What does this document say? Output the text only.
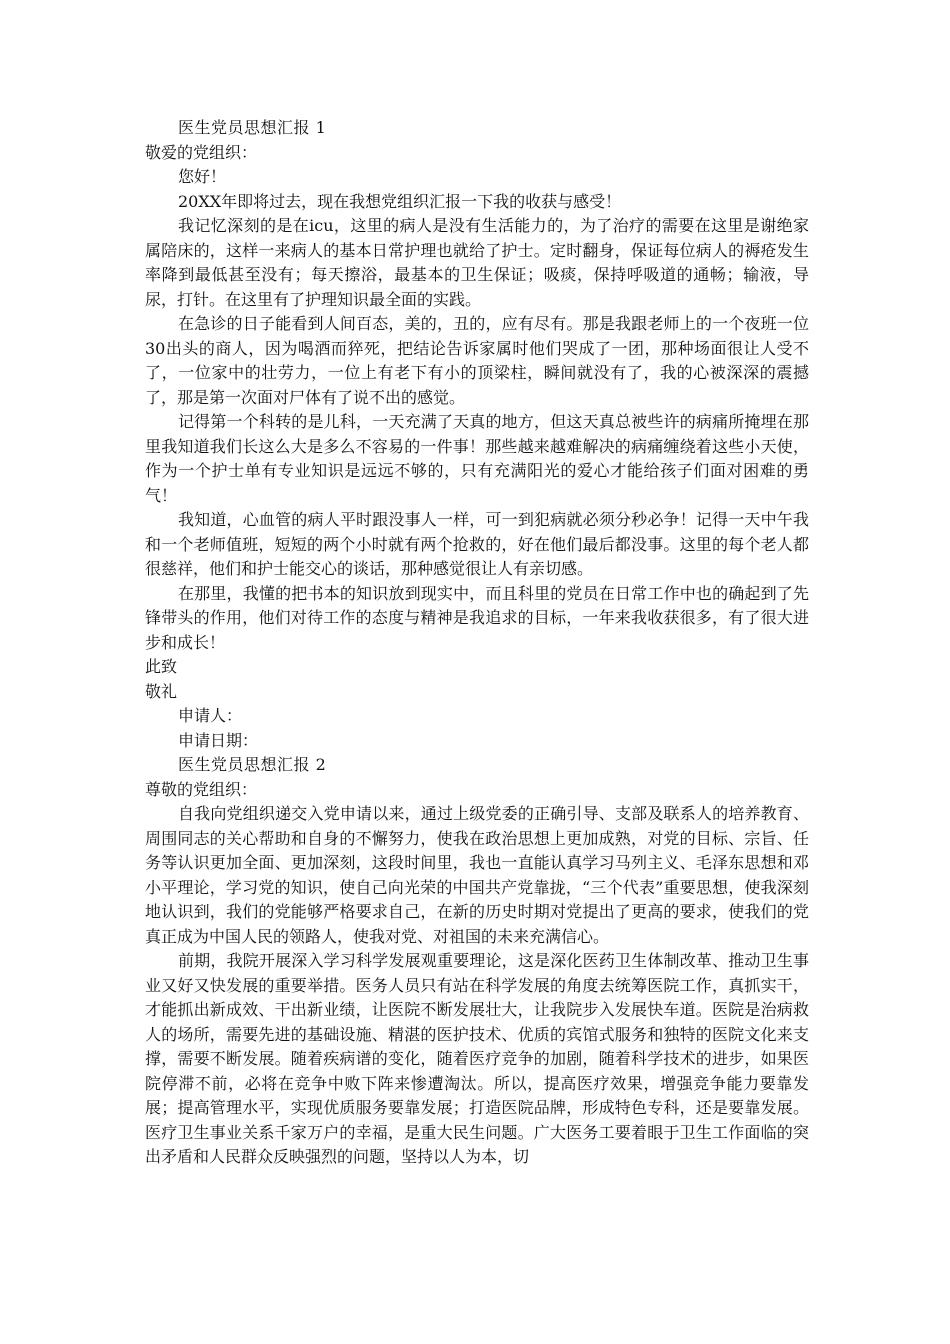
医生党员思想汇报 1

敬爱的党组织：

您好！

20XX年即将过去，现在我想党组织汇报一下我的收获与感受！

我记忆深刻的是在icu，这里的病人是没有生活能力的，为了治疗的需要在这里是谢绝家属陪床的，这样一来病人的基本日常护理也就给了护士。定时翻身，保证每位病人的褥疮发生率降到最低甚至没有；每天擦浴，最基本的卫生保证；吸痰，保持呼吸道的通畅；输液，导尿，打针。在这里有了护理知识最全面的实践。

在急诊的日子能看到人间百态，美的，丑的，应有尽有。那是我跟老师上的一个夜班一位30出头的商人，因为喝酒而猝死，把结论告诉家属时他们哭成了一团，那种场面很让人受不了，一位家中的壮劳力，一位上有老下有小的顶梁柱，瞬间就没有了，我的心被深深的震撼了，那是第一次面对尸体有了说不出的感觉。

记得第一个科转的是儿科，一天充满了天真的地方，但这天真总被些许的病痛所掩埋在那里我知道我们长这么大是多么不容易的一件事！那些越来越难解决的病痛缠绕着这些小天使，作为一个护士单有专业知识是远远不够的，只有充满阳光的爱心才能给孩子们面对困难的勇气！

我知道，心血管的病人平时跟没事人一样，可一到犯病就必须分秒必争！记得一天中午我和一个老师值班，短短的两个小时就有两个抢救的，好在他们最后都没事。这里的每个老人都很慈祥，他们和护士能交心的谈话，那种感觉很让人有亲切感。

在那里，我懂的把书本的知识放到现实中，而且科里的党员在日常工作中也的确起到了先锋带头的作用，他们对待工作的态度与精神是我追求的目标，一年来我收获很多，有了很大进步和成长！

此致

敬礼

申请人：

申请日期：

医生党员思想汇报 2

尊敬的党组织：

自我向党组织递交入党申请以来，通过上级党委的正确引导、支部及联系人的培养教育、周围同志的关心帮助和自身的不懈努力，使我在政治思想上更加成熟，对党的目标、宗旨、任务等认识更加全面、更加深刻，这段时间里，我也一直能认真学习马列主义、毛泽东思想和邓小平理论，学习党的知识，使自己向光荣的中国共产党靠拢，“三个代表”重要思想，使我深刻地认识到，我们的党能够严格要求自己，在新的历史时期对党提出了更高的要求，使我们的党真正成为中国人民的领路人，使我对党、对祖国的未来充满信心。

前期，我院开展深入学习科学发展观重要理论，这是深化医药卫生体制改革、推动卫生事业又好又快发展的重要举措。医务人员只有站在科学发展的角度去统筹医院工作，真抓实干，才能抓出新成效、干出新业绩，让医院不断发展壮大，让我院步入发展快车道。医院是治病救人的场所，需要先进的基础设施、精湛的医护技术、优质的宾馆式服务和独特的医院文化来支撑，需要不断发展。随着疾病谱的变化，随着医疗竞争的加剧，随着科学技术的进步，如果医院停滞不前，必将在竞争中败下阵来惨遭淘汰。所以，提高医疗效果，增强竞争能力要靠发展；提高管理水平，实现优质服务要靠发展；打造医院品牌，形成特色专科，还是要靠发展。医疗卫生事业关系千家万户的幸福，是重大民生问题。广大医务工要着眼于卫生工作面临的突出矛盾和人民群众反映强烈的问题，坚持以人为本，切
